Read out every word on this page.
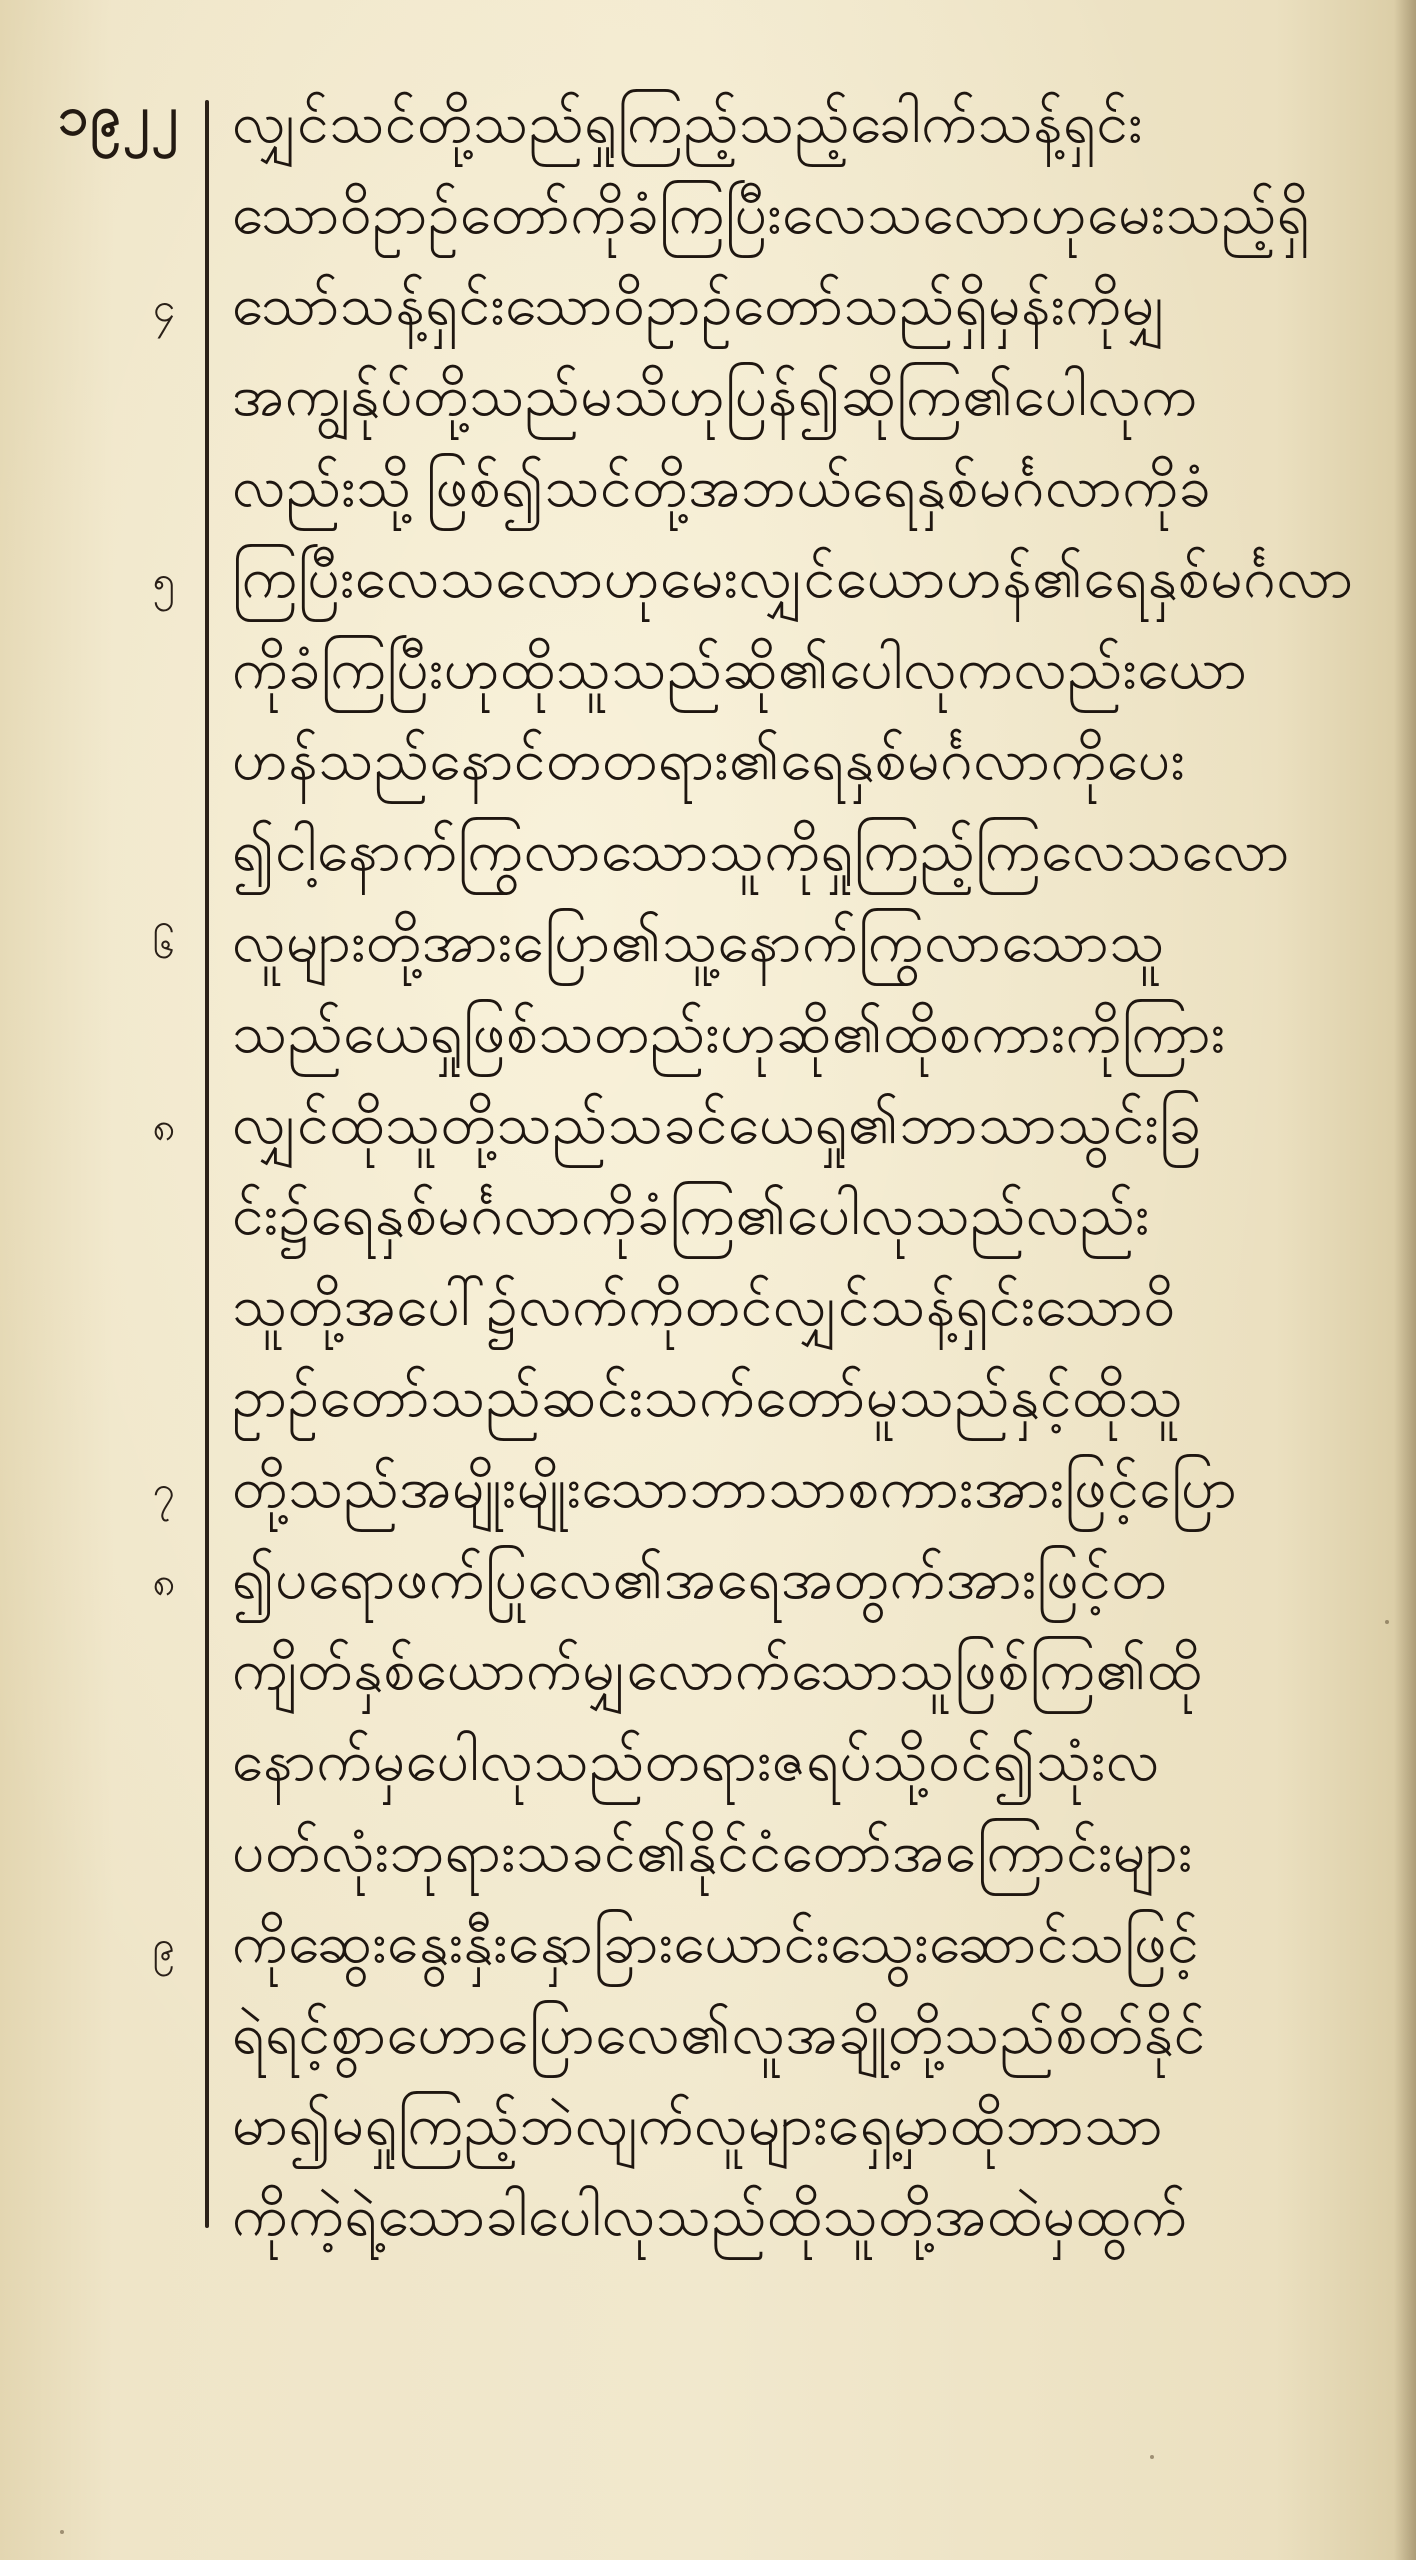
၁၉၂၂
၄
၅
၆
၈
၇
၈
၉
လျှင်သင်တို့သည်ရှုကြည့်သည့်ခေါက်သန့်ရှင်း
သောဝိဥာဉ်တော်ကိုခံကြပြီးလေသလောဟုမေးသည့်ရှိ
သော်သန့်ရှင်းသောဝိဥာဉ်တော်သည်ရှိမှန်းကိုမျှ
အကျွန်ုပ်တို့သည်မသိဟုပြန်၍ဆိုကြ၏ပေါလုက
လည်းသို့ဖြစ်၍သင်တို့အဘယ်ရေနှစ်မင်္ဂလာကိုခံ
ကြပြီးလေသလောဟုမေးလျှင်ယောဟန်၏ရေနှစ်မင်္ဂလာ
ကိုခံကြပြီးဟုထိုသူသည်ဆို၏ပေါလုကလည်းယော
ဟန်သည်နောင်တတရား၏ရေနှစ်မင်္ဂလာကိုပေး
၍ငါ့နောက်ကြွလာသောသူကိုရှုကြည့်ကြလေသလော
လူများတို့အားပြော၏သူ့နောက်ကြွလာသောသူ
သည်ယေရှုဖြစ်သတည်းဟုဆို၏ထိုစကားကိုကြား
လျှင်ထိုသူတို့သည်သခင်ယေရှု၏ဘာသာသွင်းခြ
င်း၌ရေနှစ်မင်္ဂလာကိုခံကြ၏ပေါလုသည်လည်း
သူတို့အပေါ်၌လက်ကိုတင်လျှင်သန့်ရှင်းသောဝိ
ဥာဉ်တော်သည်ဆင်းသက်တော်မူသည်နှင့်ထိုသူ
တို့သည်အမျိုးမျိုးသောဘာသာစကားအားဖြင့်ပြော
၍ပရောဖက်ပြုလေ၏အရေအတွက်အားဖြင့်တ
ကျိတ်နှစ်ယောက်မျှလောက်သောသူဖြစ်ကြ၏ထို
နောက်မှပေါလုသည်တရားဇရပ်သို့ဝင်၍သုံးလ
ပတ်လုံးဘုရားသခင်၏နိုင်ငံတော်အကြောင်းများ
ကိုဆွေးနွေးနှီးနှောခြားယောင်းသွေးဆောင်သဖြင့်
ရဲရင့်စွာဟောပြောလေ၏လူအချို့တို့သည်စိတ်နိုင်
မာ၍မရှုကြည့်ဘဲလျက်လူများရှေ့မှာထိုဘာသာ
ကိုကဲ့ရဲ့သောခါပေါလုသည်ထိုသူတို့အထဲမှထွက်
